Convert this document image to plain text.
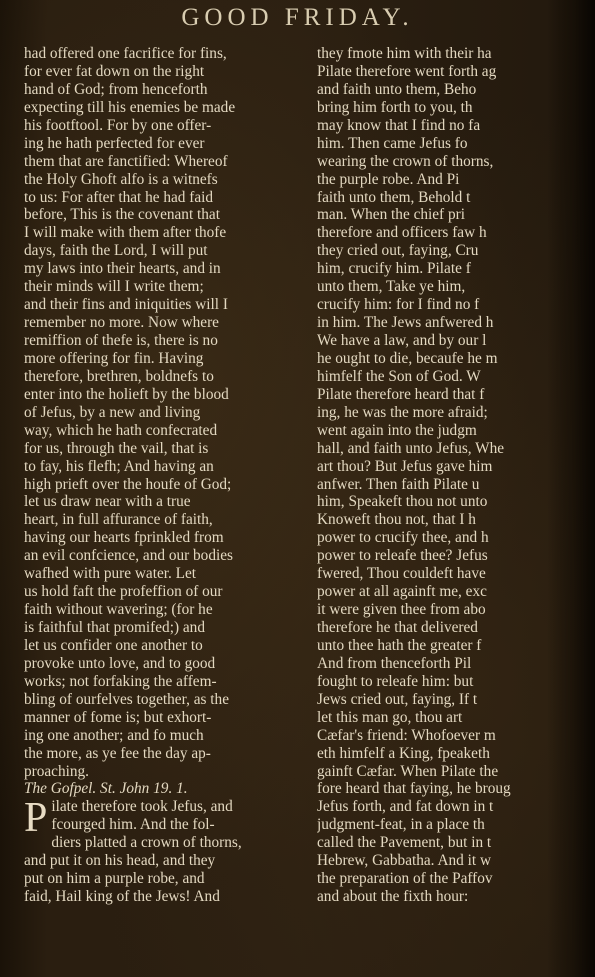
GOOD FRIDAY.
had offered one facrifice for fins,
for ever fat down on the right
hand of God; from henceforth
expecting till his enemies be made
his footftool. For by one offer-
ing he hath perfected for ever
them that are fanctified: Whereof
the Holy Ghoft alfo is a witnefs
to us: For after that he had faid
before, This is the covenant that
I will make with them after thofe
days, faith the Lord, I will put
my laws into their hearts, and in
their minds will I write them;
and their fins and iniquities will I
remember no more. Now where
remiffion of thefe is, there is no
more offering for fin. Having
therefore, brethren, boldnefs to
enter into the holieft by the blood
of Jefus, by a new and living
way, which he hath confecrated
for us, through the vail, that is
to fay, his flefh; And having an
high prieft over the houfe of God;
let us draw near with a true
heart, in full affurance of faith,
having our hearts fprinkled from
an evil confcience, and our bodies
wafhed with pure water. Let
us hold faft the profeffion of our
faith without wavering; (for he
is faithful that promifed;) and
let us confider one another to
provoke unto love, and to good
works; not forfaking the affem-
bling of ourfelves together, as the
manner of fome is; but exhort-
ing one another; and fo much
the more, as ye fee the day ap-
proaching.
The Gofpel. St. John 19. 1.
P ilate therefore took Jefus, and
fcourged him. And the fol-
diers platted a crown of thorns,
and put it on his head, and they
put on him a purple robe, and
faid, Hail king of the Jews! And
they fmote him with their ha
Pilate therefore went forth ag
and faith unto them, Beho
bring him forth to you, th
may know that I find no fa
him. Then came Jefus fo
wearing the crown of thorns,
the purple robe. And Pi
faith unto them, Behold t
man. When the chief pri
therefore and officers faw h
they cried out, faying, Cru
him, crucify him. Pilate f
unto them, Take ye him,
crucify him: for I find no f
in him. The Jews anfwered h
We have a law, and by our l
he ought to die, becaufe he m
himfelf the Son of God. W
Pilate therefore heard that f
ing, he was the more afraid;
went again into the judgm
hall, and faith unto Jefus, Whe
art thou? But Jefus gave him
anfwer. Then faith Pilate u
him, Speakeft thou not unto
Knoweft thou not, that I h
power to crucify thee, and h
power to releafe thee? Jefus
fwered, Thou couldeft have
power at all againft me, exc
it were given thee from abo
therefore he that delivered
unto thee hath the greater f
And from thenceforth Pil
fought to releafe him: but
Jews cried out, faying, If t
let this man go, thou art
Cæfar's friend: Whofoever m
eth himfelf a King, fpeaketh
gainft Cæfar. When Pilate the
fore heard that faying, he broug
Jefus forth, and fat down in t
judgment-feat, in a place th
called the Pavement, but in t
Hebrew, Gabbatha. And it w
the preparation of the Paffov
and about the fixth hour:
